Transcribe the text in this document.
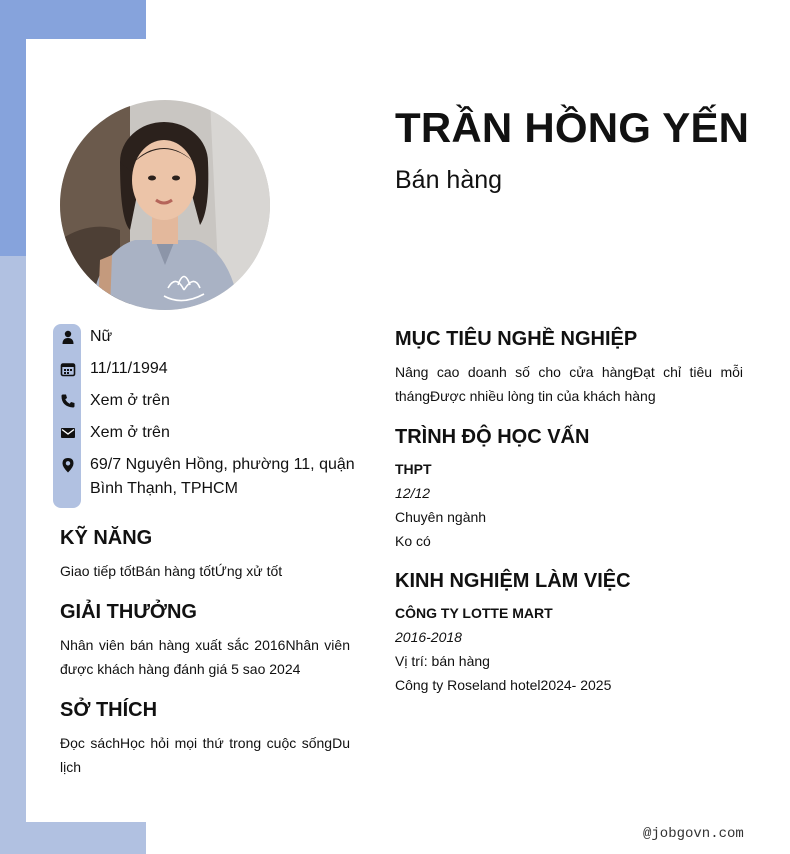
TRẦN HỒNG YẾN
Bán hàng
Nữ
11/11/1994
Xem ở trên
Xem ở trên
69/7 Nguyên Hồng, phường 11, quận Bình Thạnh, TPHCM
KỸ NĂNG
Giao tiếp tốtBán hàng tốtỨng xử tốt
GIẢI THƯỞNG
Nhân viên bán hàng xuất sắc 2016Nhân viên được khách hàng đánh giá 5 sao 2024
SỞ THÍCH
Đọc sáchHọc hỏi mọi thứ trong cuộc sốngDu lịch
MỤC TIÊU NGHỀ NGHIỆP
Nâng cao doanh số cho cửa hàngĐạt chỉ tiêu mỗi thángĐược nhiều lòng tin của khách hàng
TRÌNH ĐỘ HỌC VẤN
THPT
12/12
Chuyên ngành
Ko có
KINH NGHIỆM LÀM VIỆC
CÔNG TY LOTTE MART
2016-2018
Vị trí: bán hàng
Công ty Roseland hotel2024- 2025
@jobgovn.com
